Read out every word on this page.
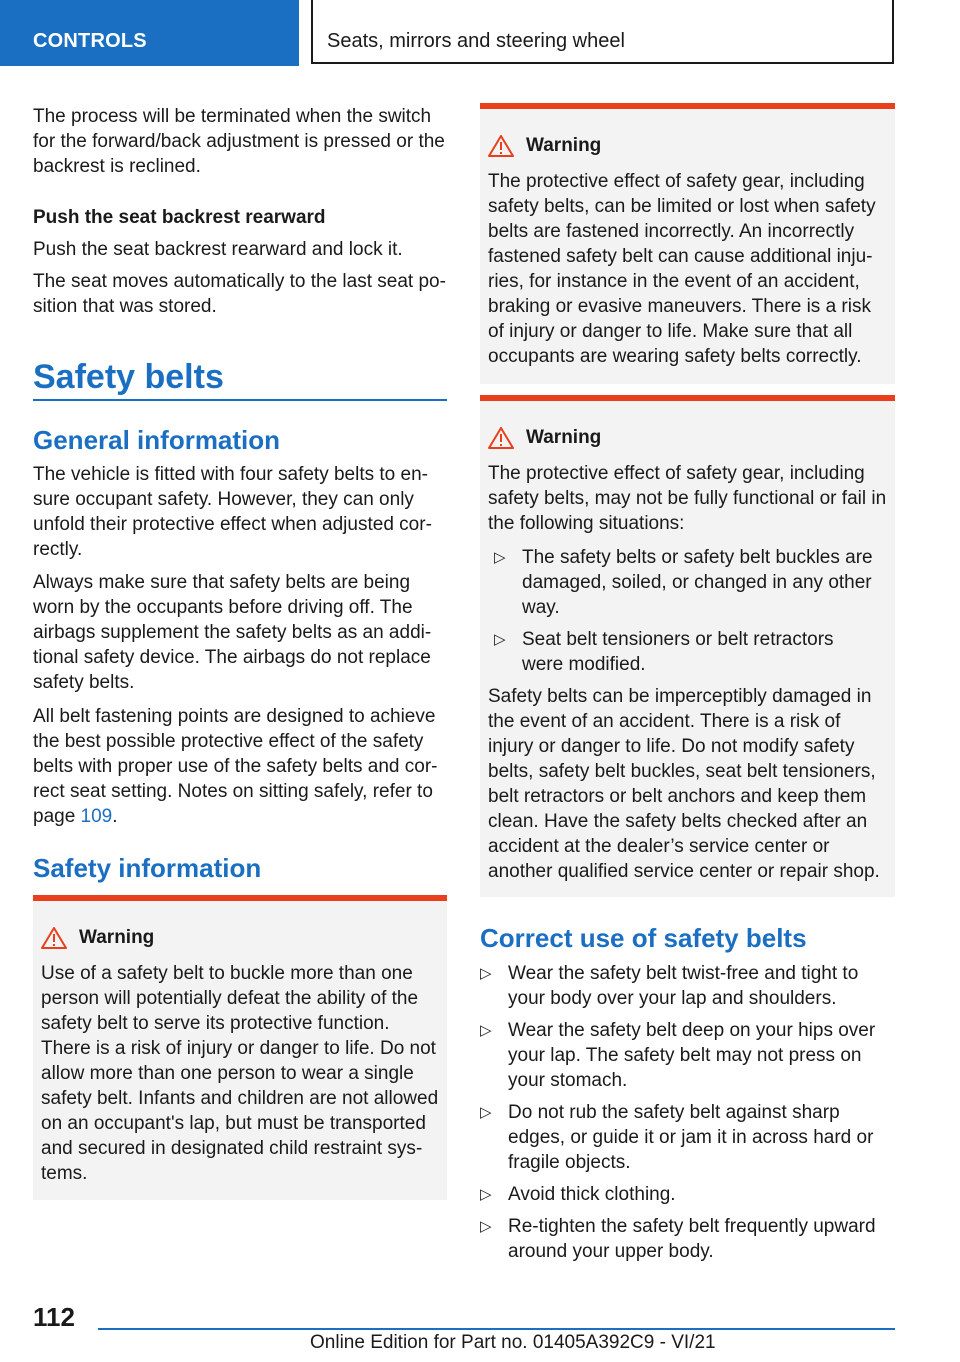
CONTROLS	Seats, mirrors and steering wheel

The process will be terminated when the switch for the forward/back adjustment is pressed or the backrest is reclined.

Push the seat backrest rearward

Push the seat backrest rearward and lock it.

The seat moves automatically to the last seat position that was stored.

Safety belts
General information

The vehicle is fitted with four safety belts to ensure occupant safety. However, they can only unfold their protective effect when adjusted correctly.

Always make sure that safety belts are being worn by the occupants before driving off. The airbags supplement the safety belts as an additional safety device. The airbags do not replace safety belts.

All belt fastening points are designed to achieve the best possible protective effect of the safety belts with proper use of the safety belts and correct seat setting. Notes on sitting safely, refer to page 109.

Safety information
Warning
Use of a safety belt to buckle more than one person will potentially defeat the ability of the safety belt to serve its protective function. There is a risk of injury or danger to life. Do not allow more than one person to wear a single safety belt. Infants and children are not allowed on an occupant's lap, but must be transported and secured in designated child restraint systems.
Warning
The protective effect of safety gear, including safety belts, can be limited or lost when safety belts are fastened incorrectly. An incorrectly fastened safety belt can cause additional injuries, for instance in the event of an accident, braking or evasive maneuvers. There is a risk of injury or danger to life. Make sure that all occupants are wearing safety belts correctly.
Warning
The protective effect of safety gear, including safety belts, may not be fully functional or fail in the following situations:
▷ The safety belts or safety belt buckles are damaged, soiled, or changed in any other way.
▷ Seat belt tensioners or belt retractors were modified.
Safety belts can be imperceptibly damaged in the event of an accident. There is a risk of injury or danger to life. Do not modify safety belts, safety belt buckles, seat belt tensioners, belt retractors or belt anchors and keep them clean. Have the safety belts checked after an accident at the dealer’s service center or another qualified service center or repair shop.
Correct use of safety belts
▷ Wear the safety belt twist-free and tight to your body over your lap and shoulders.
▷ Wear the safety belt deep on your hips over your lap. The safety belt may not press on your stomach.
▷ Do not rub the safety belt against sharp edges, or guide it or jam it in across hard or fragile objects.
▷ Avoid thick clothing.
▷ Re-tighten the safety belt frequently upward around your upper body.
112
Online Edition for Part no. 01405A392C9 - VI/21
